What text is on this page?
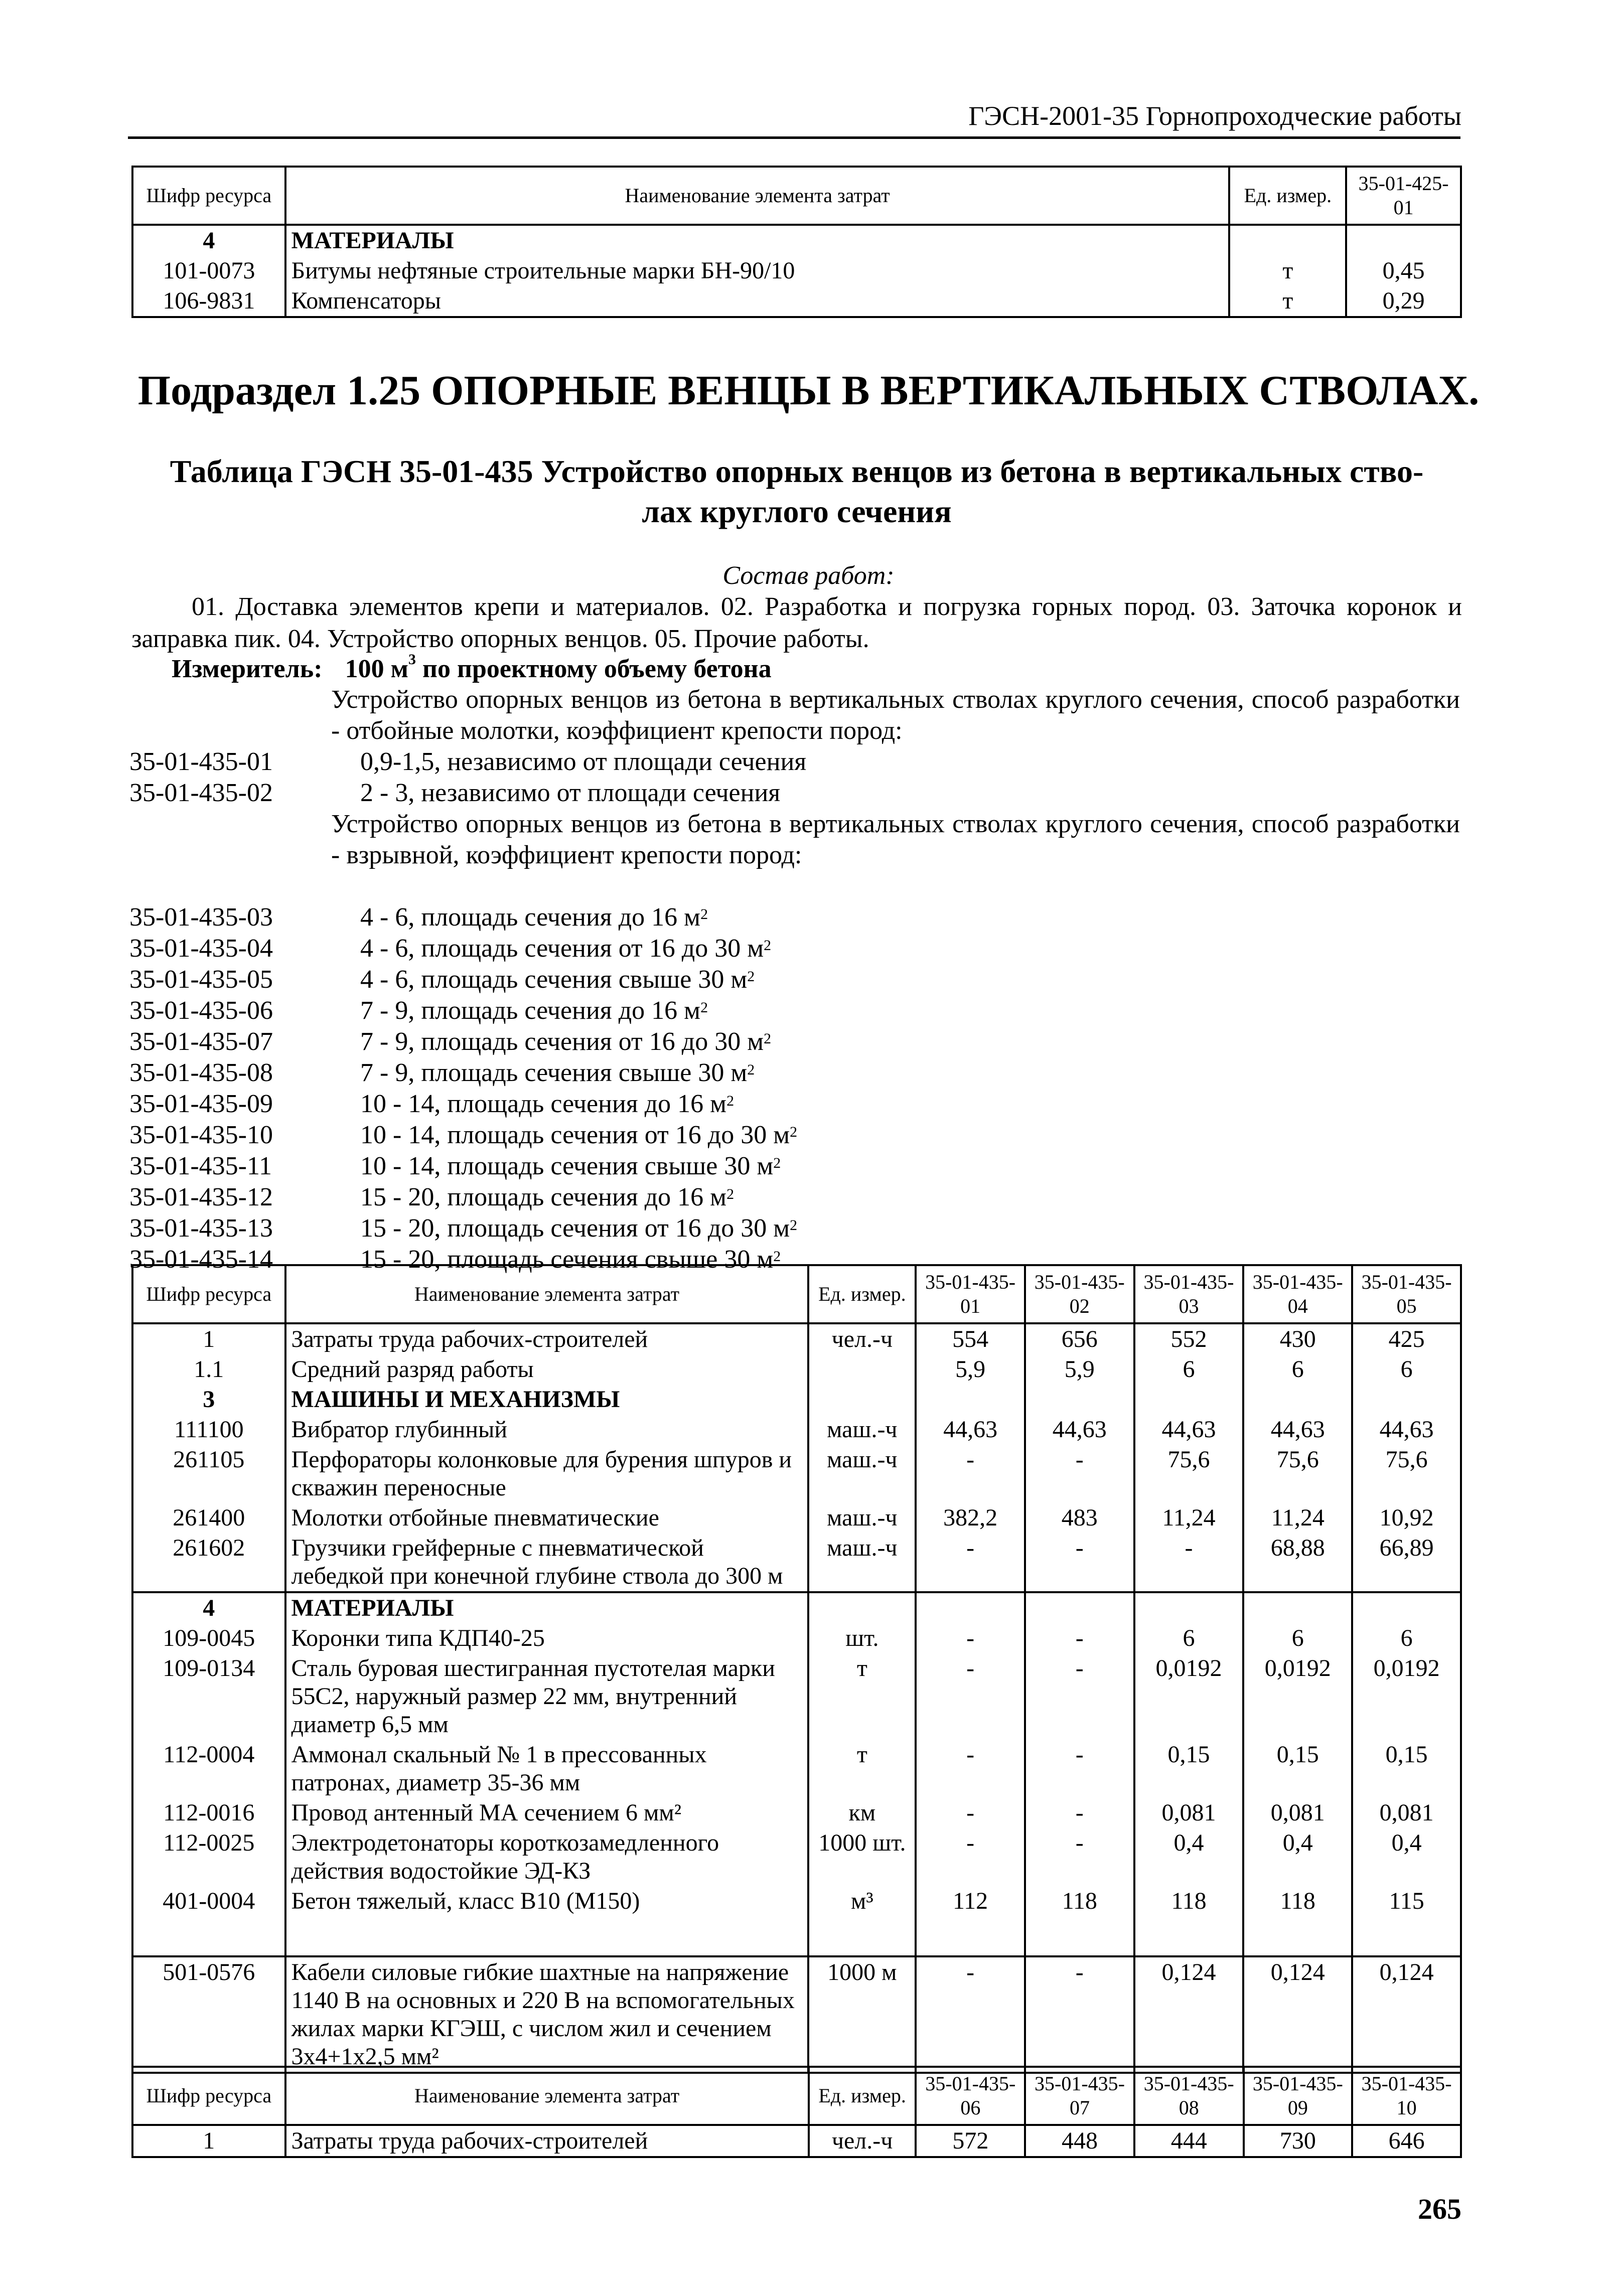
ГЭСН-2001-35 Горнопроходческие работы
Шифр ресурса	Наименование элемента затрат	Ед. измер.	35-01-425-01
4	МАТЕРИАЛЫ		
101-0073	Битумы нефтяные строительные марки БН-90/10	т	0,45
106-9831	Компенсаторы	т	0,29
Подраздел 1.25 ОПОРНЫЕ ВЕНЦЫ В ВЕРТИКАЛЬНЫХ СТВОЛАХ.
Таблица ГЭСН 35-01-435 Устройство опорных венцов из бетона в вертикальных ство-
лах круглого сечения
Состав работ:
01. Доставка элементов крепи и материалов. 02. Разработка и погрузка горных пород. 03. Заточка коронок и заправка пик. 04. Устройство опорных венцов. 05. Прочие работы.
Измеритель: 100 $м^3$ по проектному объему бетона
Устройство опорных венцов из бетона в вертикальных стволах круглого сечения, способ разработки - отбойные молотки, коэффициент крепости пород:
35-01-435-01	0,9-1,5, независимо от площади сечения
35-01-435-02	2 - 3, независимо от площади сечения
35-01-435-03	4 - 6, площадь сечения до 16 $м^2$
35-01-435-04	4 - 6, площадь сечения от 16 до 30 $м^2$
35-01-435-05	4 - 6, площадь сечения свыше 30 $м^2$
35-01-435-06	7 - 9, площадь сечения до 16 $м^2$
35-01-435-07	7 - 9, площадь сечения от 16 до 30 $м^2$
35-01-435-08	7 - 9, площадь сечения свыше 30 $м^2$
35-01-435-09	10 - 14, площадь сечения до 16 $м^2$
35-01-435-10	10 - 14, площадь сечения от 16 до 30 $м^2$
35-01-435-11	10 - 14, площадь сечения свыше 30 $м^2$
35-01-435-12	15 - 20, площадь сечения до 16 $м^2$
35-01-435-13	15 - 20, площадь сечения от 16 до 30 $м^2$
35-01-435-14	15 - 20, площадь сечения свыше 30 $м^2$
Устройство опорных венцов из бетона в вертикальных стволах круглого сечения, способ разработки - взрывной, коэффициент крепости пород:
Шифр ресурса	Наименование элемента затрат	Ед. измер.	35-01-435-01	35-01-435-02	35-01-435-03	35-01-435-04	35-01-435-05
1	Затраты труда рабочих-строителей	чел.-ч	554	656	552	430	425
1.1	Средний разряд работы		5,9	5,9	6	6	6
3	МАШИНЫ И МЕХАНИЗМЫ						
111100	Вибратор глубинный	маш.-ч	44,63	44,63	44,63	44,63	44,63
261105	Перфораторы колонковые для бурения шпуров и скважин переносные	маш.-ч	-	-	75,6	75,6	75,6
261400	Молотки отбойные пневматические	маш.-ч	382,2	483	11,24	11,24	10,92
261602	Грузчики грейферные с пневматической лебедкой при конечной глубине ствола до 300 м	маш.-ч	-	-	-	68,88	66,89
4	МАТЕРИАЛЫ						
109-0045	Коронки типа КДП40-25	шт.	-	-	6	6	6
109-0134	Сталь буровая шестигранная пустотелая марки 55С2, наружный размер 22 мм, внутренний диаметр 6,5 мм	т	-	-	0,0192	0,0192	0,0192
112-0004	Аммонал скальный № 1 в прессованных патронах, диаметр 35-36 мм	т	-	-	0,15	0,15	0,15
112-0016	Провод антенный МА сечением 6 мм²	км	-	-	0,081	0,081	0,081
112-0025	Электродетонаторы короткозамедленного действия водостойкие ЭД-КЗ	1000 шт.	-	-	0,4	0,4	0,4
401-0004	Бетон тяжелый, класс В10 (М150)	м³	112	118	118	118	115
501-0576	Кабели силовые гибкие шахтные на напряжение 1140 В на основных и 220 В на вспомогательных жилах марки КГЭШ, с числом жил и сечением 3х4+1х2,5 мм²	1000 м	-	-	0,124	0,124	0,124
Шифр ресурса	Наименование элемента затрат	Ед. измер.	35-01-435-06	35-01-435-07	35-01-435-08	35-01-435-09	35-01-435-10
1	Затраты труда рабочих-строителей	чел.-ч	572	448	444	730	646
265
